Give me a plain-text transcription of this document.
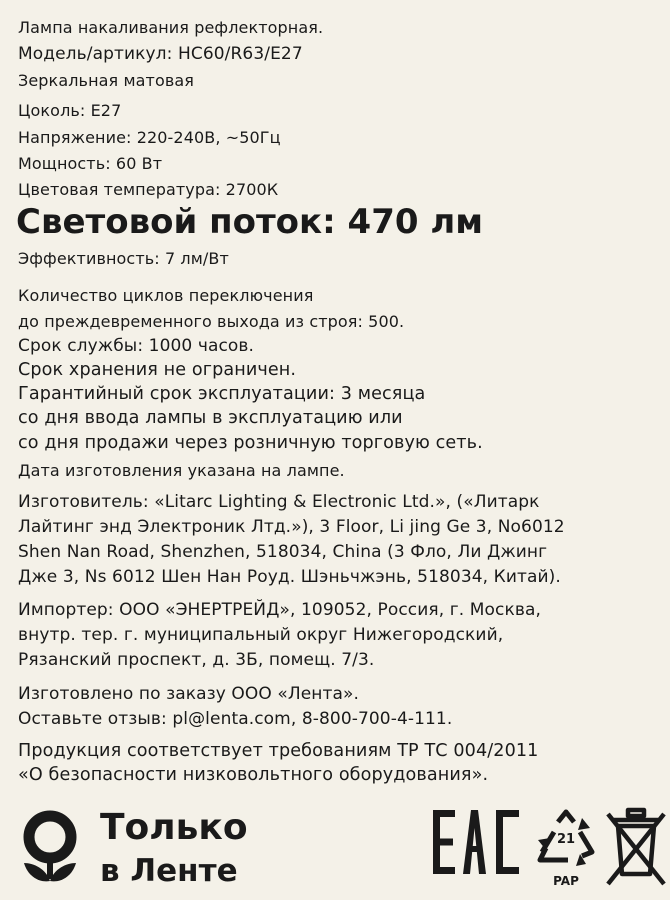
Лампа накаливания рефлекторная.
Модель/артикул: HC60/R63/E27
Зеркальная матовая
Цоколь: E27
Напряжение: 220-240В, ~50Гц
Мощность: 60 Вт
Цветовая температура: 2700К
Световой поток: 470 лм
Эффективность: 7 лм/Вт
Количество циклов переключения
до преждевременного выхода из строя: 500.
Срок службы: 1000 часов.
Срок хранения не ограничен.
Гарантийный срок эксплуатации: 3 месяца
со дня ввода лампы в эксплуатацию или
со дня продажи через розничную торговую сеть.
Дата изготовления указана на лампе.
Изготовитель: «Litarc Lighting & Electronic Ltd.», («Литарк
Лайтинг энд Электроник Лтд.»), 3 Floor, Li jing Ge 3, No6012
Shen Nan Road, Shenzhen, 518034, China (3 Фло, Ли Джинг
Дже 3, Ns 6012 Шен Нан Роуд. Шэньчжэнь, 518034, Китай).
Импортер: ООО «ЭНЕРТРЕЙД», 109052, Россия, г. Москва,
внутр. тер. г. муниципальный округ Нижегородский,
Рязанский проспект, д. 3Б, помещ. 7/3.
Изготовлено по заказу ООО «Лента».
Оставьте отзыв: pl@lenta.com, 8-800-700-4-111.
Продукция соответствует требованиям ТР ТС 004/2011
«О безопасности низковольтного оборудования».
Только
в Ленте
21
PAP
